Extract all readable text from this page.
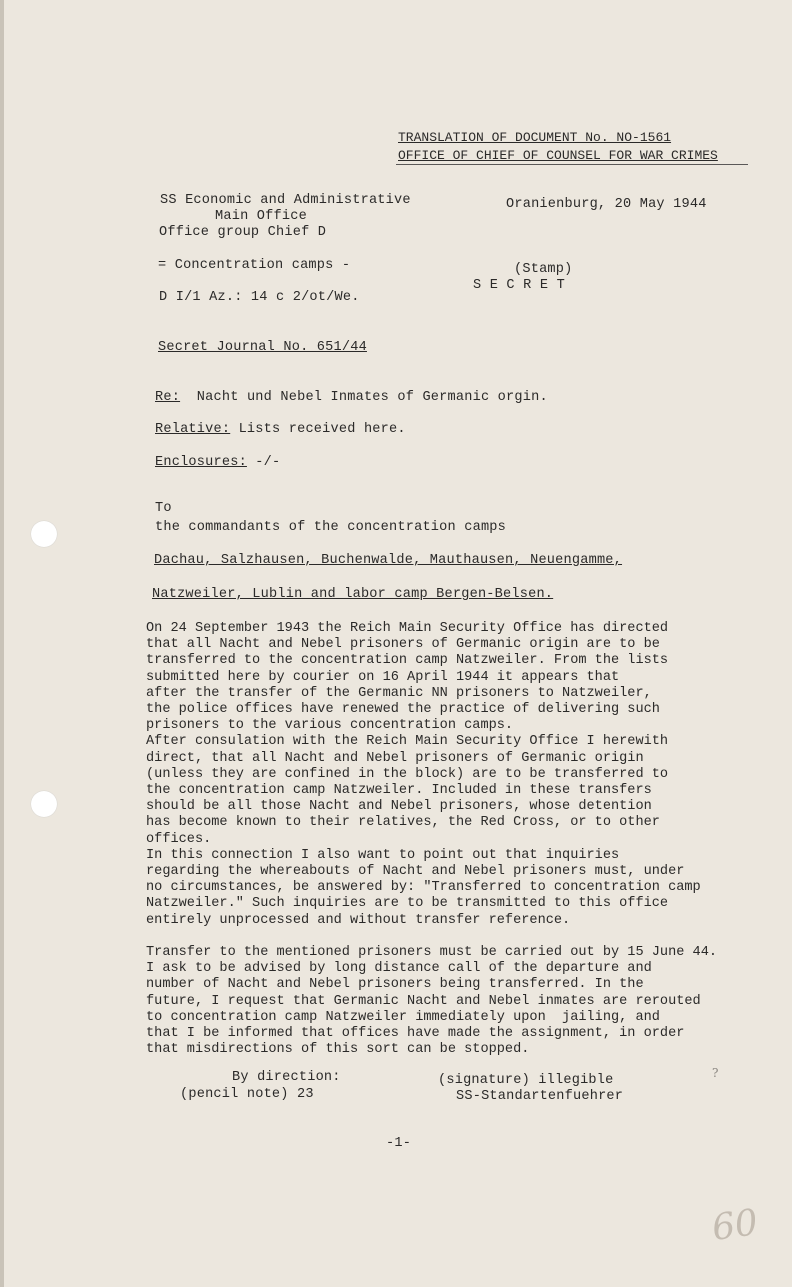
TRANSLATION OF DOCUMENT No. NO-1561
OFFICE OF CHIEF OF COUNSEL FOR WAR CRIMES
SS Economic and Administrative
Main Office
Office group Chief D
Oranienburg, 20 May 1944
= Concentration camps -	(Stamp)
S E C R E T
D I/1 Az.: 14 c 2/ot/We.
Secret Journal No. 651/44
Re: Nacht und Nebel Inmates of Germanic orgin.
Relative: Lists received here.
Enclosures: -/-
To
the commandants of the concentration camps
Dachau, Salzhausen, Buchenwalde, Mauthausen, Neuengamme,
Natzweiler, Lublin and labor camp Bergen-Belsen.
On 24 September 1943 the Reich Main Security Office has directed
that all Nacht and Nebel prisoners of Germanic origin are to be
transferred to the concentration camp Natzweiler. From the lists
submitted here by courier on 16 April 1944 it appears that
after the transfer of the Germanic NN prisoners to Natzweiler,
the police offices have renewed the practice of delivering such
prisoners to the various concentration camps.
After consulation with the Reich Main Security Office I herewith
direct, that all Nacht and Nebel prisoners of Germanic origin
(unless they are confined in the block) are to be transferred to
the concentration camp Natzweiler. Included in these transfers
should be all those Nacht and Nebel prisoners, whose detention
has become known to their relatives, the Red Cross, or to other
offices.
In this connection I also want to point out that inquiries
regarding the whereabouts of Nacht and Nebel prisoners must, under
no circumstances, be answered by: "Transferred to concentration camp
Natzweiler." Such inquiries are to be transmitted to this office
entirely unprocessed and without transfer reference.
Transfer to the mentioned prisoners must be carried out by 15 June 44.
I ask to be advised by long distance call of the departure and
number of Nacht and Nebel prisoners being transferred. In the
future, I request that Germanic Nacht and Nebel inmates are rerouted
to concentration camp Natzweiler immediately upon  jailing, and
that I be informed that offices have made the assignment, in order
that misdirections of this sort can be stopped.
By direction:
(pencil note) 23
(signature) illegible
SS-Standartenfuehrer
-1-
?
60
